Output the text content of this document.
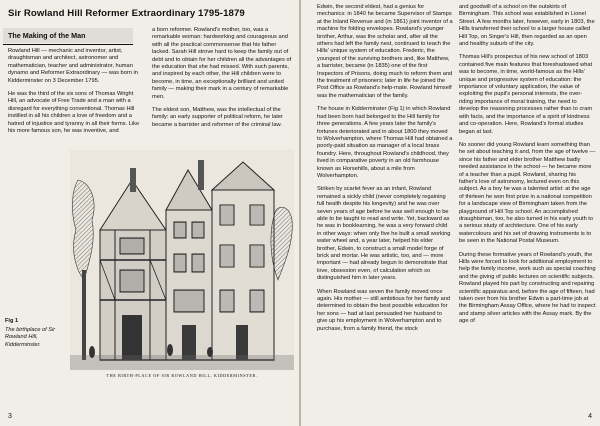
Sir Rowland Hill Reformer Extraordinary 1795-1879
The Making of the Man

Rowland Hill — mechanic and inventor, artist, draughtsman and architect, astronomer and mathematician, teacher and administrator, human dynamo and Reformer Extraordinary — was born in Kidderminster on 3 December 1795.

He was the third of the six sons of Thomas Wright Hill, an advocate of Free Trade and a man with a disregard for everything conventional. Thomas Hill instilled in all his children a love of freedom and a hatred of injustice and tyranny in all their forms. Like his more famous son, he was inventive, and

a born reformer. Rowland's mother, too, was a remarkable woman: hardworking and courageous and with all the practical commonsense that his father lacked. Sarah Hill strove hard to keep the family out of debt and to obtain for her children all the advantages of the education that she had missed. With such parents, and inspired by each other, the Hill children were to become, in time, an exceptionally brilliant and united family — making their mark in a century of remarkable men.

The eldest son, Matthew, was the intellectual of the family: an early supporter of political reform, he later became a barrister and reformer of the criminal law.

THE BIRTH-PLACE OF SIR ROWLAND HILL, KIDDERMINSTER.
Fig 1
The birthplace of Sir Rowland Hill, Kidderminster.
3

Edwin, the second eldest, had a genius for mechanics: in 1840 he became Supervisor of Stamps at the Inland Revenue and (in 1861) joint inventor of a machine for folding envelopes. Rowland's younger brother, Arthur, was the scholar and, after all the others had left the family nest, continued to teach the Hills' unique system of education. Frederic, the youngest of the surviving brothers and, like Matthew, a barrister, became (in 1835) one of the first Inspectors of Prisons, doing much to reform them and the treatment of prisoners; later in life he joined the Post Office as Rowland's help-mate. Rowland himself was the mathematician of the family.

The house in Kidderminster (Fig 1) in which Rowland had been born had belonged to the Hill family for three generations. A few years later the family's fortunes deteriorated and in about 1800 they moved to Wolverhampton, where Thomas Hill had obtained a poorly-paid situation as manager of a local brass foundry. Here, throughout Rowland's childhood, they lived in comparative poverty in an old farmhouse known as Horsehills, about a mile from Wolverhampton.

Striken by scarlet fever as an infant, Rowland remained a sickly child (never completely regaining full health despite his longevity) and he was over seven years of age before he was well enough to be able to be taught to read and write. Yet, backward as he was in booklearning, he was a very forward child in other ways: when only five he built a small working water wheel and, a year later, helped his elder brother, Edwin, to construct a small model forge of brick and mortar. He was artistic, too, and — more important — had already begun to demonstrate that love, obsession even, of calculation which so distinguished him in later years.

When Rowland was seven the family moved once again. His mother — still ambitious for her family and determined to obtain the best possible education for her sons — had at last persuaded her husband to give up his employment in Wolverhampton and to purchase, from a family friend, the stock

and goodwill of a school on the outskirts of Birmingham. This school was established in Lionel Street. A few months later, however, early in 1803, the Hills transferred their school to a larger house called Hill Top, on Singer's Hill, then regarded as an open and healthy suburb of the city.

Thomas Hill's prospectus of his new school of 1803 contained five main features that foreshadowed what was to become, in time, world-famous as the Hills' unique and progressive system of education: the importance of voluntary application, the value of exploiting the pupil's personal interests, the over-riding importance of moral training, the need to develop the reasoning processes rather than to cram with facts, and the importance of a spirit of kindness and co-operation. Here, Rowland's formal studies began at last.

No sooner did young Rowland learn something than he set about teaching it and, from the age of twelve — since his father and elder brother Matthew badly needed assistance in the school — he became more of a teacher than a pupil. Rowland, sharing his father's love of astronomy, lectured even on this subject. As a boy he was a talented artist: at the age of thirteen he won first prize in a national competition for a landscape view of Birmingham taken from the playground of Hill Top school. An accomplished draughtsman, too, he also turned in his early youth to a serious study of architecture. One of his early watercolours and his set of drawing instruments is to be seen in the National Postal Museum.

During these formative years of Rowland's youth, the Hills were forced to look for additional employment to help the family income, work such as special coaching and the giving of public lectures on scientific subjects. Rowland played his part by constructing and repairing scientific apparatus and, before the age of fifteen, had taken over from his brother Edwin a part-time job at the Birmingham Assay Office, where he had to inspect and stamp silver articles with the Assay mark. By the age of

4
